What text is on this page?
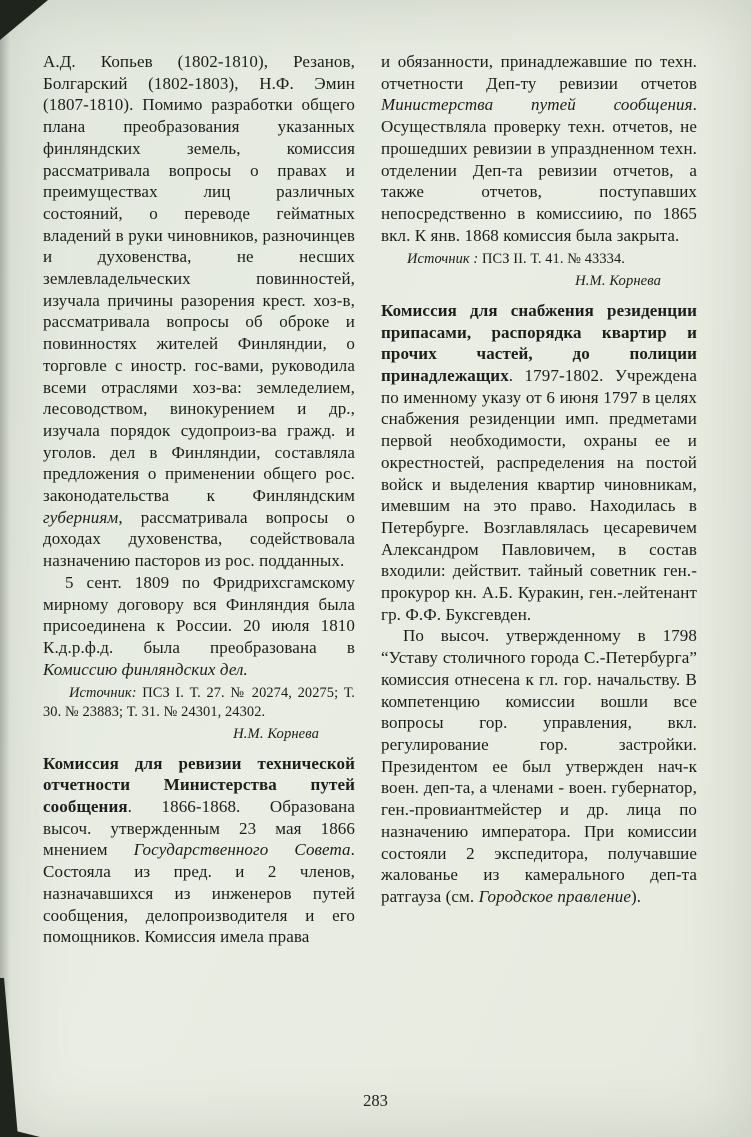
А.Д. Копьев (1802-1810), Резанов, Болгарский (1802-1803), Н.Ф. Эмин (1807-1810). Помимо разработки общего плана преобразования указанных финляндских земель, комиссия рассматривала вопросы о правах и преимуществах лиц различных состояний, о переводе гейматных владений в руки чиновников, разночинцев и духовенства, не несших землевладельческих повинностей, изучала причины разорения крест. хоз-в, рассматривала вопросы об оброке и повинностях жителей Финляндии, о торговле с иностр. гос-вами, руководила всеми отраслями хоз-ва: земледелием, лесоводством, винокурением и др., изучала порядок судопроиз-ва гражд. и уголов. дел в Финляндии, составляла предложения о применении общего рос. законодательства к Финляндским губерниям, рассматривала вопросы о доходах духовенства, содействовала назначению пасторов из рос. подданных.

5 сент. 1809 по Фридрихсгамскому мирному договору вся Финляндия была присоединена к России. 20 июля 1810 К.д.р.ф.д. была преобразована в Комиссию финляндских дел.

Источник: ПСЗ I. Т. 27. № 20274, 20275; Т. 30. № 23883; Т. 31. № 24301, 24302.

Н.М. Корнева

Комиссия для ревизии технической отчетности Министерства путей сообщения. 1866-1868. Образована высоч. утвержденным 23 мая 1866 мнением Государственного Совета. Состояла из пред. и 2 членов, назначавшихся из инженеров путей сообщения, делопроизводителя и его помощников. Комиссия имела права

и обязанности, принадлежавшие по техн. отчетности Деп-ту ревизии отчетов Министерства путей сообщения. Осуществляла проверку техн. отчетов, не прошедших ревизии в упраздненном техн. отделении Деп-та ревизии отчетов, а также отчетов, поступавших непосредственно в комиссиию, по 1865 вкл. К янв. 1868 комиссия была закрыта.

Источник : ПСЗ II. Т. 41. № 43334.

Н.М. Корнева

Комиссия для снабжения резиденции припасами, распорядка квартир и прочих частей, до полиции принадлежащих. 1797-1802. Учреждена по именному указу от 6 июня 1797 в целях снабжения резиденции имп. предметами первой необходимости, охраны ее и окрестностей, распределения на постой войск и выделения квартир чиновникам, имевшим на это право. Находилась в Петербурге. Возглавлялась цесаревичем Александром Павловичем, в состав входили: действит. тайный советник ген.-прокурор кн. А.Б. Куракин, ген.-лейтенант гр. Ф.Ф. Буксгевден.

По высоч. утвержденному в 1798 “Уставу столичного города С.-Петербурга” комиссия отнесена к гл. гор. начальству. В компетенцию комиссии вошли все вопросы гор. управления, вкл. регулирование гор. застройки. Президентом ее был утвержден нач-к воен. деп-та, а членами - воен. губернатор, ген.-провиантмейстер и др. лица по назначению императора. При комиссии состояли 2 экспедитора, получавшие жалованье из камерального деп-та ратгауза (см. Городское правление).

283
